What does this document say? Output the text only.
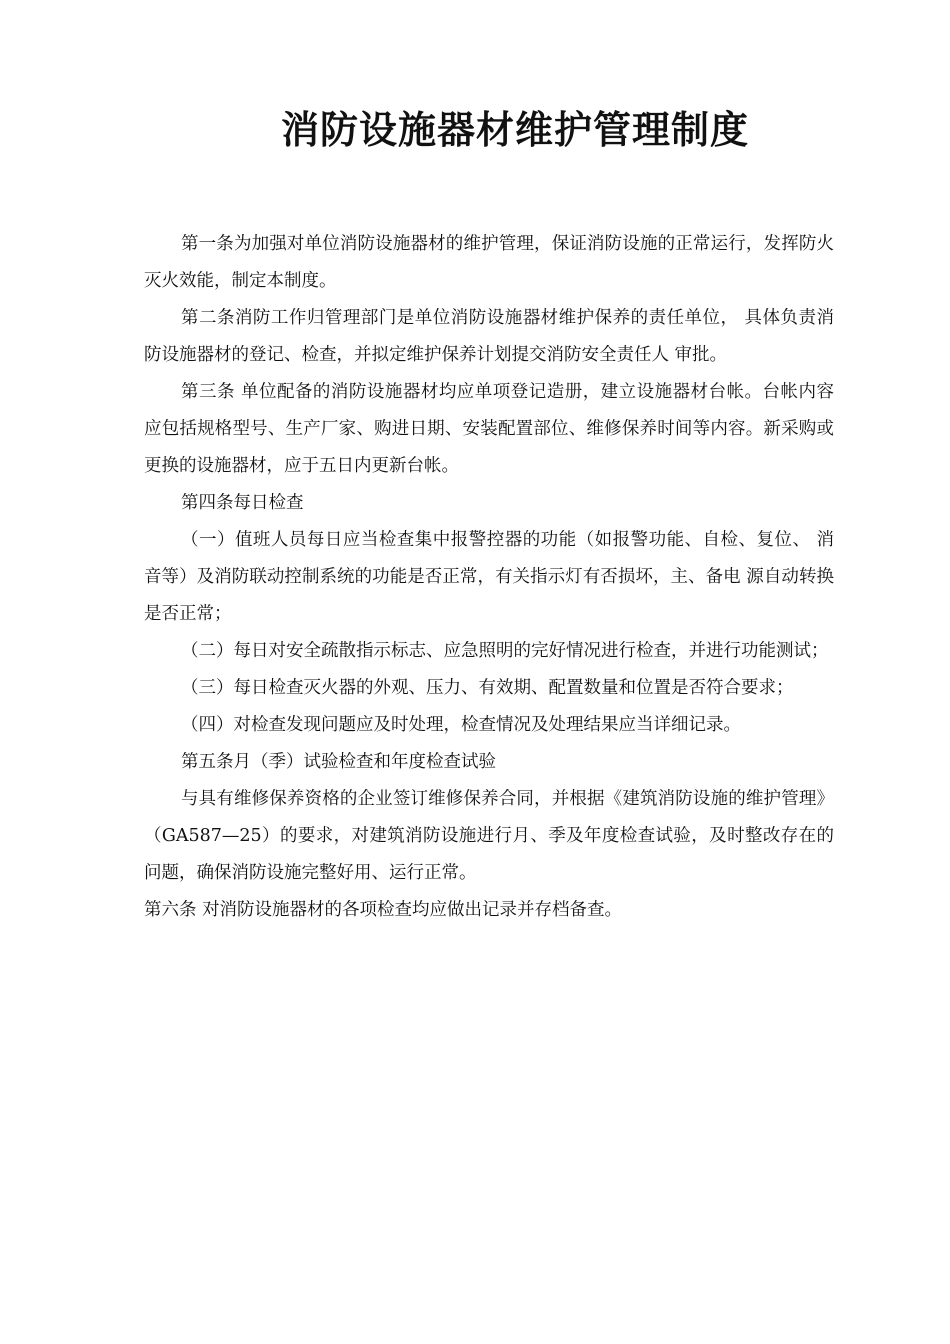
消防设施器材维护管理制度

第一条为加强对单位消防设施器材的维护管理，保证消防设施的正常运行，发挥防火灭火效能，制定本制度。

第二条消防工作归管理部门是单位消防设施器材维护保养的责任单位， 具体负责消防设施器材的登记、检查，并拟定维护保养计划提交消防安全责任人 审批。

第三条 单位配备的消防设施器材均应单项登记造册，建立设施器材台帐。台帐内容应包括规格型号、生产厂家、购进日期、安装配置部位、维修保养时间等内容。新采购或更换的设施器材，应于五日内更新台帐。

第四条每日检查

（一）值班人员每日应当检查集中报警控器的功能（如报警功能、自检、复位、 消音等）及消防联动控制系统的功能是否正常，有关指示灯有否损坏，主、备电 源自动转换是否正常；

（二）每日对安全疏散指示标志、应急照明的完好情况进行检查，并进行功能测试；

（三）每日检查灭火器的外观、压力、有效期、配置数量和位置是否符合要求；

（四）对检查发现问题应及时处理，检查情况及处理结果应当详细记录。

第五条月（季）试验检查和年度检查试验

与具有维修保养资格的企业签订维修保养合同，并根据《建筑消防设施的维护管理》（GA587—25）的要求，对建筑消防设施进行月、季及年度检查试验，及时整改存在的问题，确保消防设施完整好用、运行正常。

第六条 对消防设施器材的各项检查均应做出记录并存档备查。
